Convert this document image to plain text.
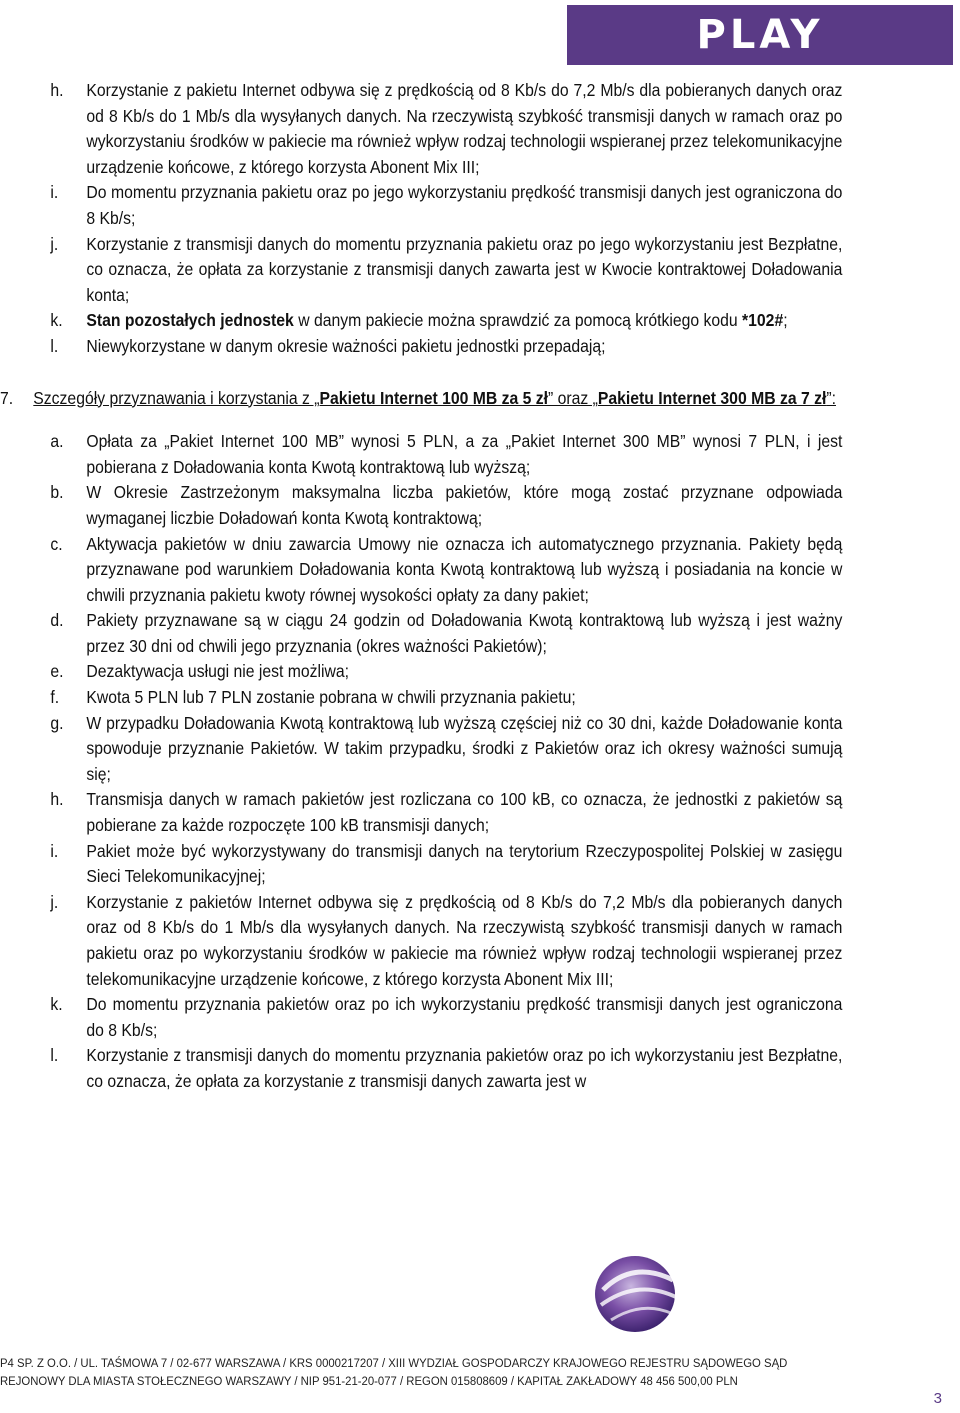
PLAY
h. Korzystanie z pakietu Internet odbywa się z prędkością od 8 Kb/s do 7,2 Mb/s dla pobieranych danych oraz od 8 Kb/s do 1 Mb/s dla wysyłanych danych. Na rzeczywistą szybkość transmisji danych w ramach oraz po wykorzystaniu środków w pakiecie ma również wpływ rodzaj technologii wspieranej przez telekomunikacyjne urządzenie końcowe, z którego korzysta Abonent Mix III;
i. Do momentu przyznania pakietu oraz po jego wykorzystaniu prędkość transmisji danych jest ograniczona do 8 Kb/s;
j. Korzystanie z transmisji danych do momentu przyznania pakietu oraz po jego wykorzystaniu jest Bezpłatne, co oznacza, że opłata za korzystanie z transmisji danych zawarta jest w Kwocie kontraktowej Doładowania konta;
k. Stan pozostałych jednostek w danym pakiecie można sprawdzić za pomocą krótkiego kodu *102#;
l. Niewykorzystane w danym okresie ważności pakietu jednostki przepadają;
7. Szczegóły przyznawania i korzystania z „Pakietu Internet 100 MB za 5 zł” oraz „Pakietu Internet 300 MB za 7 zł”:
a. Opłata za „Pakiet Internet 100 MB” wynosi 5 PLN, a za „Pakiet Internet 300 MB” wynosi 7 PLN, i jest pobierana z Doładowania konta Kwotą kontraktową lub wyższą;
b. W Okresie Zastrzeżonym maksymalna liczba pakietów, które mogą zostać przyznane odpowiada wymaganej liczbie Doładowań konta Kwotą kontraktową;
c. Aktywacja pakietów w dniu zawarcia Umowy nie oznacza ich automatycznego przyznania. Pakiety będą przyznawane pod warunkiem Doładowania konta Kwotą kontraktową lub wyższą i posiadania na koncie w chwili przyznania pakietu kwoty równej wysokości opłaty za dany pakiet;
d. Pakiety przyznawane są w ciągu 24 godzin od Doładowania Kwotą kontraktową lub wyższą i jest ważny przez 30 dni od chwili jego przyznania (okres ważności Pakietów);
e. Dezaktywacja usługi nie jest możliwa;
f. Kwota 5 PLN lub 7 PLN zostanie pobrana w chwili przyznania pakietu;
g. W przypadku Doładowania Kwotą kontraktową lub wyższą częściej niż co 30 dni, każde Doładowanie konta spowoduje przyznanie Pakietów. W takim przypadku, środki z Pakietów oraz ich okresy ważności sumują się;
h. Transmisja danych w ramach pakietów jest rozliczana co 100 kB, co oznacza, że jednostki z pakietów są pobierane za każde rozpoczęte 100 kB transmisji danych;
i. Pakiet może być wykorzystywany do transmisji danych na terytorium Rzeczypospolitej Polskiej w zasięgu Sieci Telekomunikacyjnej;
j. Korzystanie z pakietów Internet odbywa się z prędkością od 8 Kb/s do 7,2 Mb/s dla pobieranych danych oraz od 8 Kb/s do 1 Mb/s dla wysyłanych danych. Na rzeczywistą szybkość transmisji danych w ramach pakietu oraz po wykorzystaniu środków w pakiecie ma również wpływ rodzaj technologii wspieranej przez telekomunikacyjne urządzenie końcowe, z którego korzysta Abonent Mix III;
k. Do momentu przyznania pakietów oraz po ich wykorzystaniu prędkość transmisji danych jest ograniczona do 8 Kb/s;
l. Korzystanie z transmisji danych do momentu przyznania pakietów oraz po ich wykorzystaniu jest Bezpłatne, co oznacza, że opłata za korzystanie z transmisji danych zawarta jest w
P4 SP. Z O.O. / UL. TAŚMOWA 7 / 02-677 WARSZAWA / KRS 0000217207 / XIII WYDZIAŁ GOSPODARCZY KRAJOWEGO REJESTRU SĄDOWEGO SĄD
REJONOWY DLA MIASTA STOŁECZNEGO WARSZAWY / NIP 951-21-20-077 / REGON 015808609 / KAPITAŁ ZAKŁADOWY 48 456 500,00 PLN
3
